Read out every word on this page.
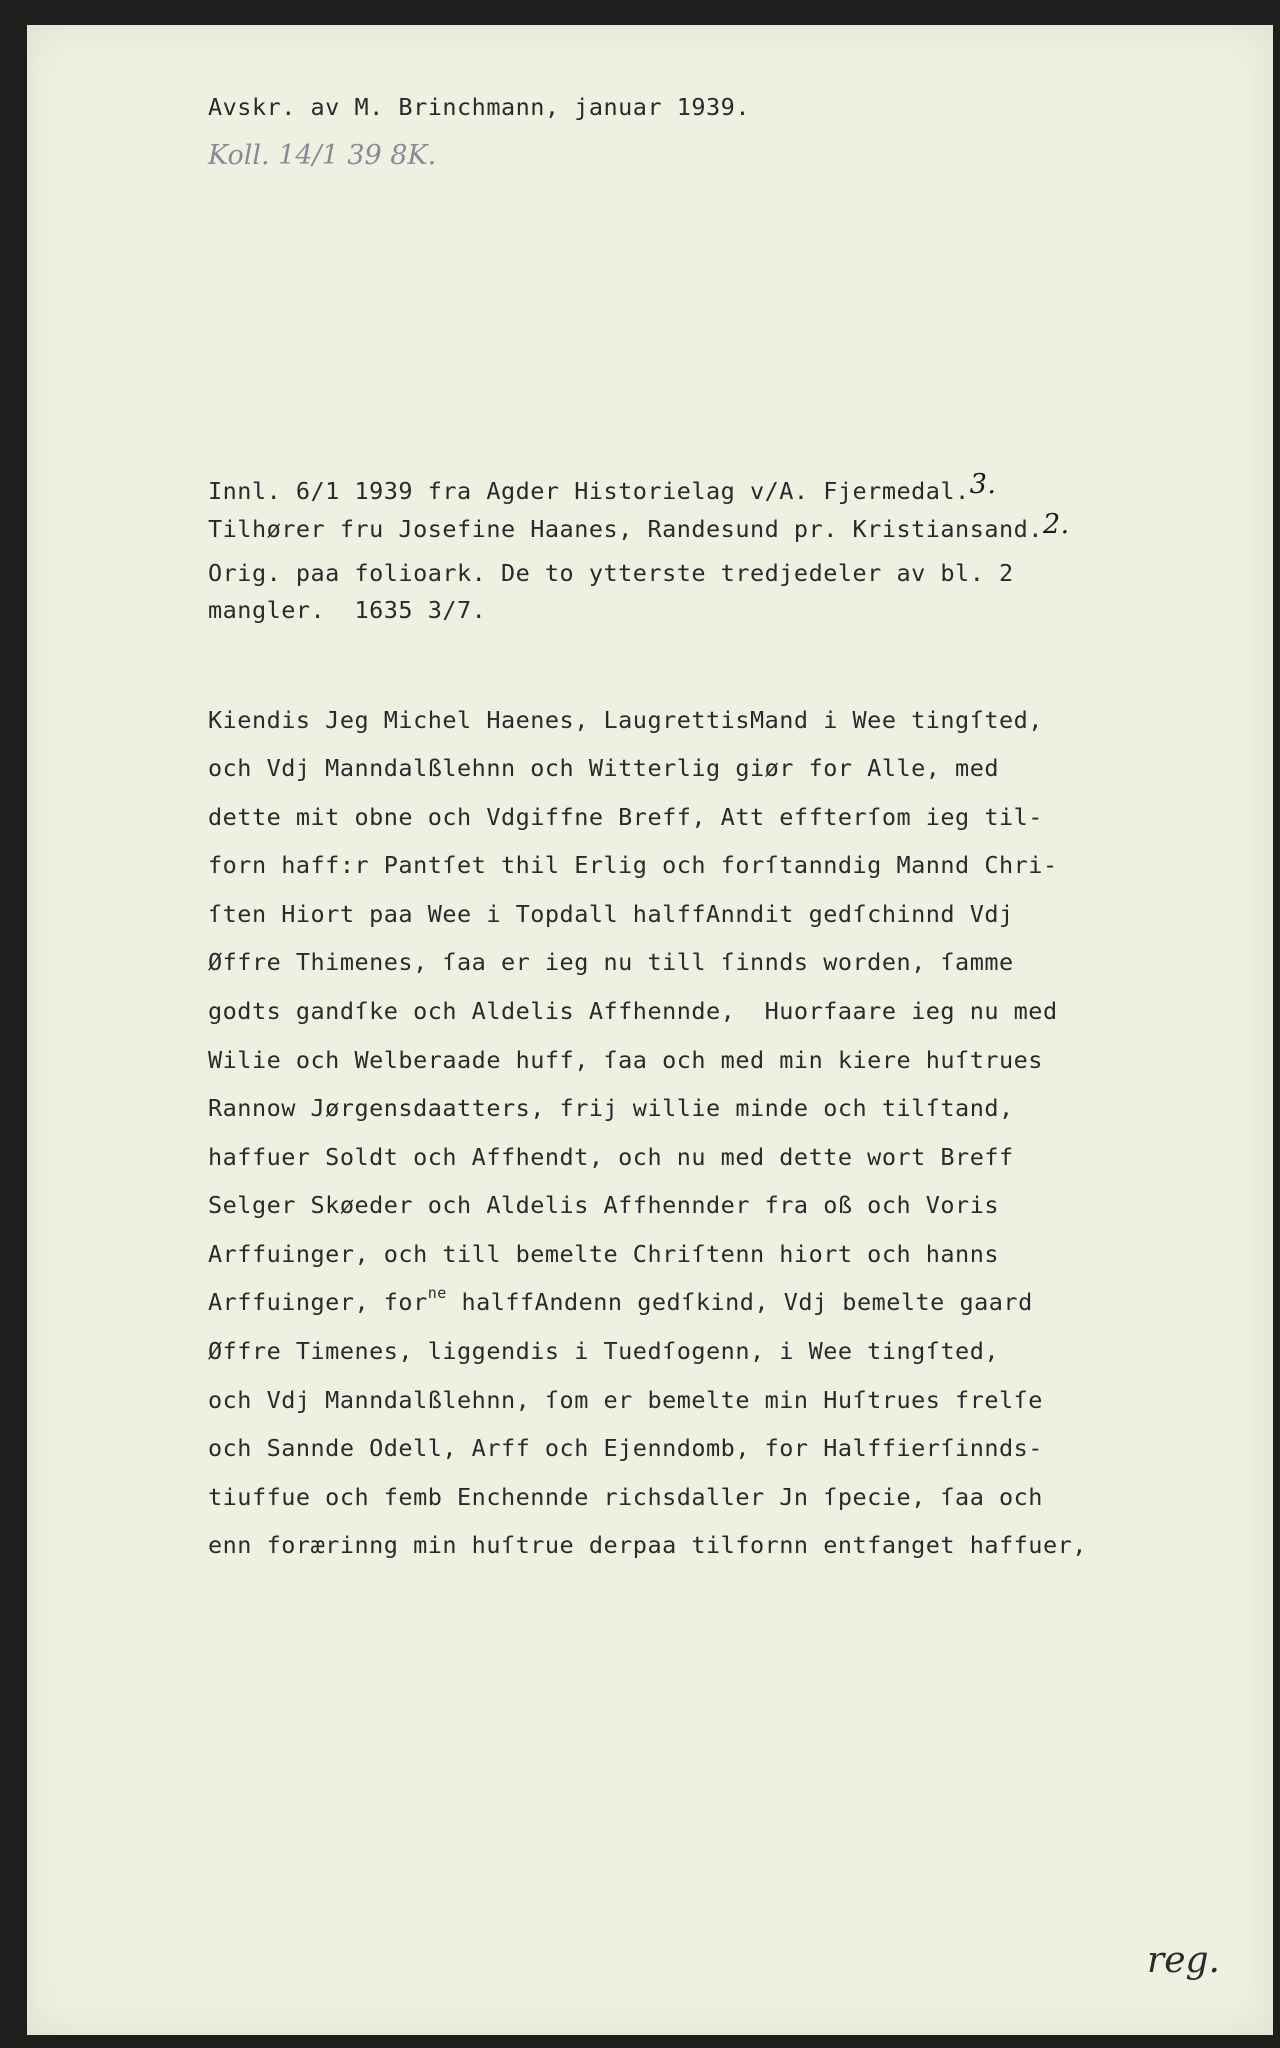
Avskr. av M. Brinchmann, januar 1939.
Koll. 14/1 39 8K.
Innl. 6/1 1939 fra Agder Historielag v/A. Fjermedal.3.
Tilhører fru Josefine Haanes, Randesund pr. Kristiansand.2.
Orig. paa folioark. De to ytterste tredjedeler av bl. 2
mangler.  1635 3/7.
Kiendis Jeg Michel Haenes, LaugrettisMand i Wee tingſted,
och Vdj Manndalßlehnn och Witterlig giør for Alle, med
dette mit obne och Vdgiffne Breff, Att effterſom ieg til-
forn haff:r Pantſet thil Erlig och forſtanndig Mannd Chri-
ſten Hiort paa Wee i Topdall halffAnndit gedſchinnd Vdj
Øffre Thimenes, ſaa er ieg nu till ſinnds worden, ſamme
godts gandſke och Aldelis Affhennde,  Huorfaare ieg nu med
Wilie och Welberaade huff, ſaa och med min kiere huſtrues
Rannow Jørgensdaatters, frij willie minde och tilſtand,
haffuer Soldt och Affhendt, och nu med dette wort Breff
Selger Skøeder och Aldelis Affhennder fra oß och Voris
Arffuinger, och till bemelte Chriſtenn hiort och hanns
Arffuinger, for$^{ne}$ halffAndenn gedſkind, Vdj bemelte gaard
Øffre Timenes, liggendis i Tuedſogenn, i Wee tingſted,
och Vdj Manndalßlehnn, ſom er bemelte min Huſtrues frelſe
och Sannde Odell, Arff och Ejenndomb, for Halffierſinnds-
tiuffue och femb Enchennde richsdaller Jn ſpecie, ſaa och
enn forærinng min huſtrue derpaa tilfornn entfanget haffuer,
reg.
